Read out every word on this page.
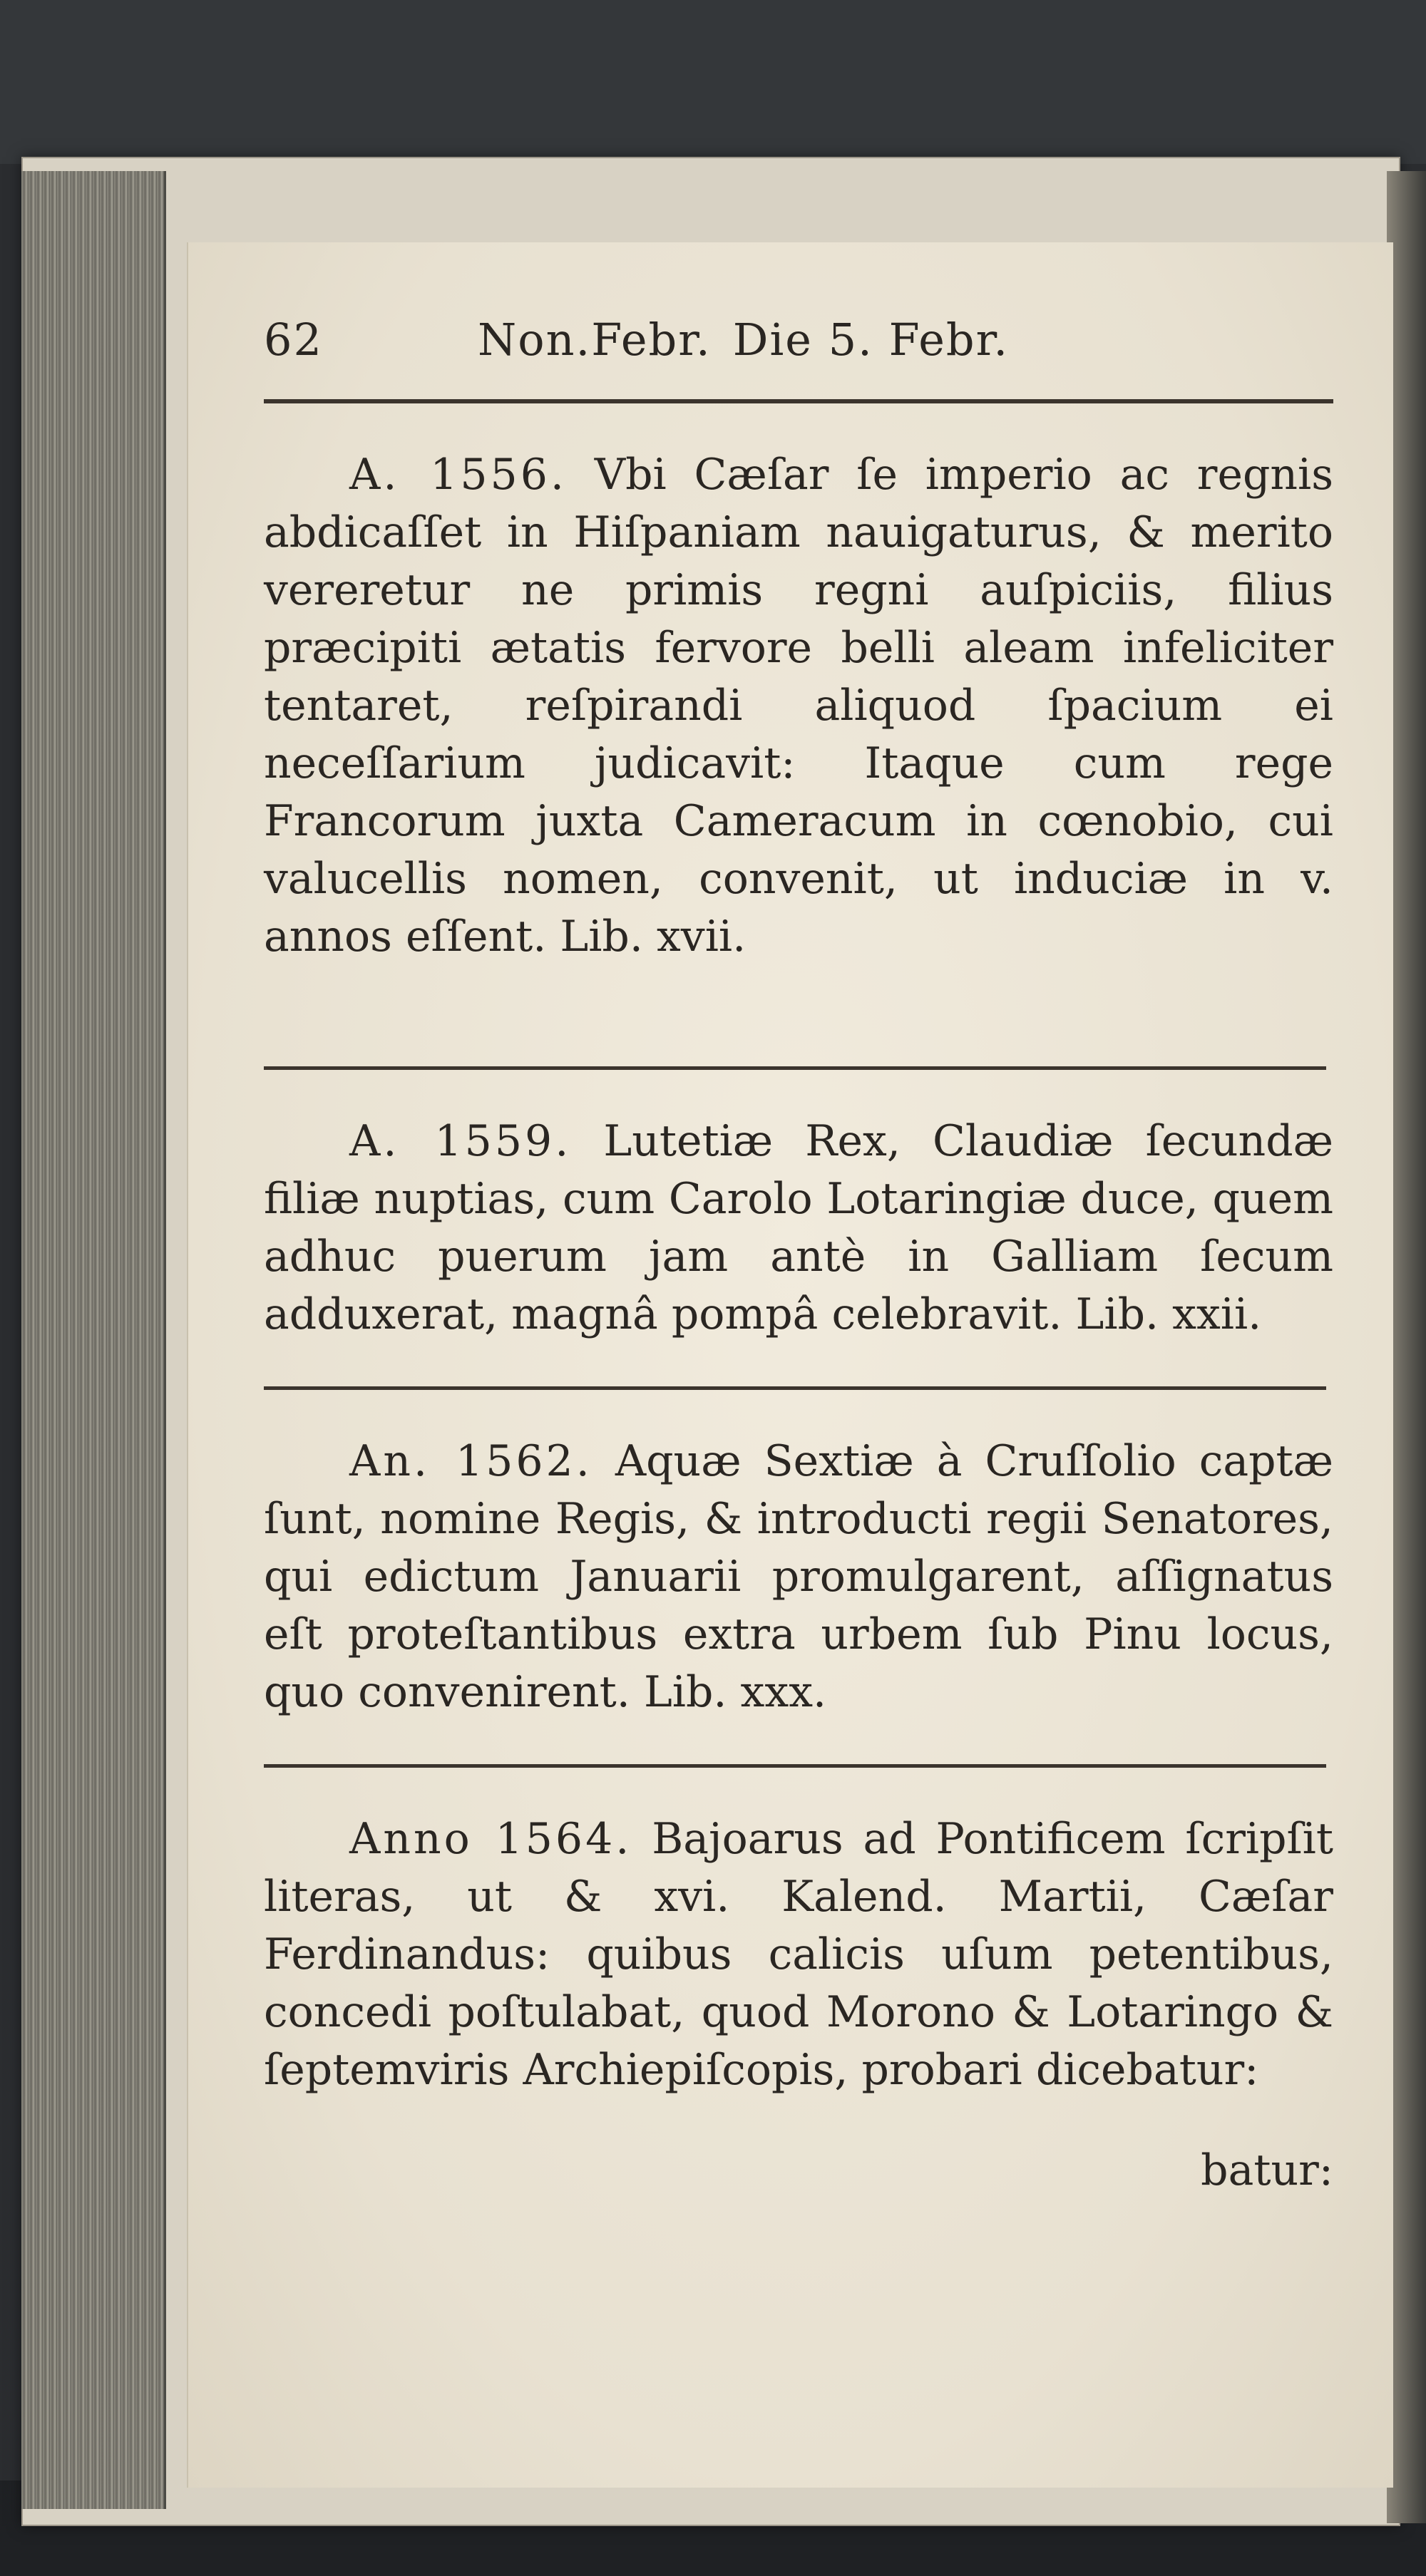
62	Non.Febr. Die 5. Febr.

A. 1556. Vbi Cæſar ſe imperio ac regnis abdicaſſet in Hiſpaniam nauigaturus, & merito vereretur ne primis regni auſpiciis, filius præcipiti ætatis fervore belli aleam infeliciter tentaret, reſpirandi aliquod ſpacium ei neceſſarium judicavit: Itaque cum rege Francorum juxta Cameracum in cœnobio, cui valucellis nomen, convenit, ut induciæ in v. annos eſſent. Lib. xvii.

A. 1559. Lutetiæ Rex, Claudiæ ſecundæ filiæ nuptias, cum Carolo Lotaringiæ duce, quem adhuc puerum jam antè in Galliam ſecum adduxerat, magnâ pompâ celebravit. Lib. xxii.

An. 1562. Aquæ Sextiæ à Cruſſolio captæ ſunt, nomine Regis, & introducti regii Senatores, qui edictum Januarii promulgarent, aſſignatus eſt proteſtantibus extra urbem ſub Pinu locus, quo convenirent. Lib. xxx.

Anno 1564. Bajoarus ad Pontificem ſcripſit literas, ut & xvi. Kalend. Martii, Cæſar Ferdinandus: quibus calicis uſum petentibus, concedi poſtulabat, quod Morono & Lotaringo & ſeptemviris Archiepiſcopis, probari dicebatur:

batur:
